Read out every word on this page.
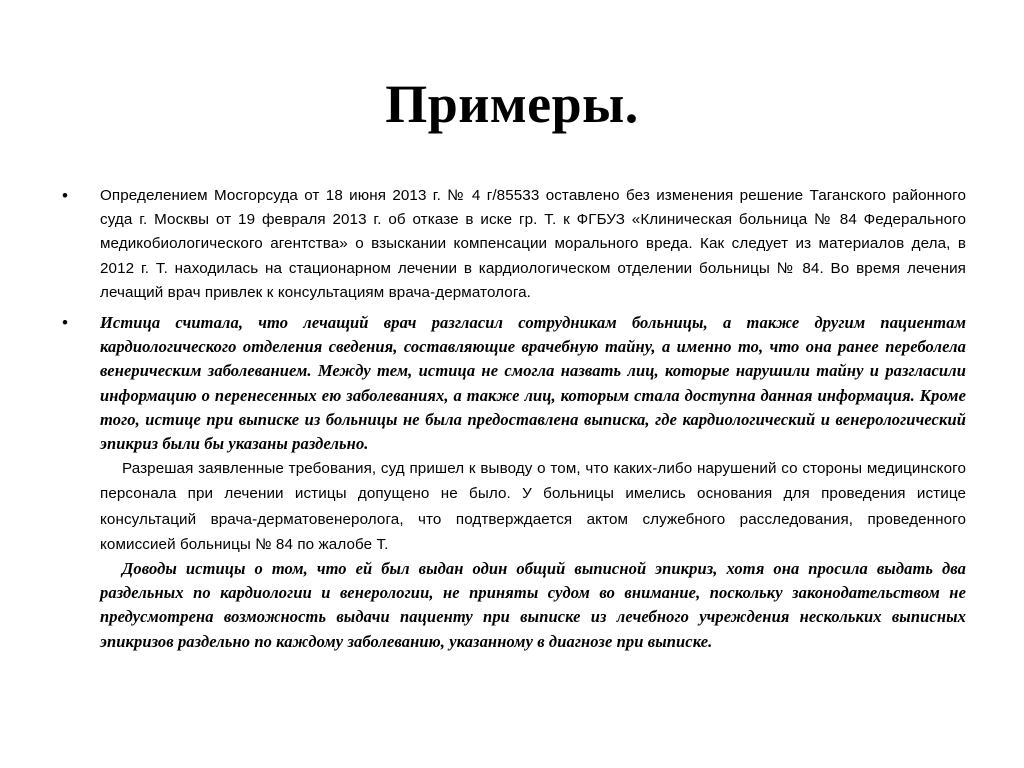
Примеры.
• Определением Мосгорсуда от 18 июня 2013 г. № 4 г/85533 оставлено без изменения решение Таганского районного суда г. Москвы от 19 февраля 2013 г. об отказе в иске гр. Т. к ФГБУЗ «Клиническая больница № 84 Федерального медикобиологического агентства» о взыскании компенсации морального вреда. Как следует из материалов дела, в 2012 г. Т. находилась на стационарном лечении в кардиологическом отделении больницы № 84. Во время лечения лечащий врач привлек к консультациям врача-дерматолога.
• Истица считала, что лечащий врач разгласил сотрудникам больницы, а также другим пациентам кардиологического отделения сведения, составляющие врачебную тайну, а именно то, что она ранее переболела венерическим заболеванием. Между тем, истица не смогла назвать лиц, которые нарушили тайну и разгласили информацию о перенесенных ею заболеваниях, а также лиц, которым стала доступна данная информация. Кроме того, истице при выписке из больницы не была предоставлена выписка, где кардиологический и венерологический эпикриз были бы указаны раздельно.
Разрешая заявленные требования, суд пришел к выводу о том, что каких-либо нарушений со стороны медицинского персонала при лечении истицы допущено не было. У больницы имелись основания для проведения истице консультаций врача-дерматовенеролога, что подтверждается актом служебного расследования, проведенного комиссией больницы № 84 по жалобе Т.
Доводы истицы о том, что ей был выдан один общий выписной эпикриз, хотя она просила выдать два раздельных по кардиологии и венерологии, не приняты судом во внимание, поскольку законодательством не предусмотрена возможность выдачи пациенту при выписке из лечебного учреждения нескольких выписных эпикризов раздельно по каждому заболеванию, указанному в диагнозе при выписке.
